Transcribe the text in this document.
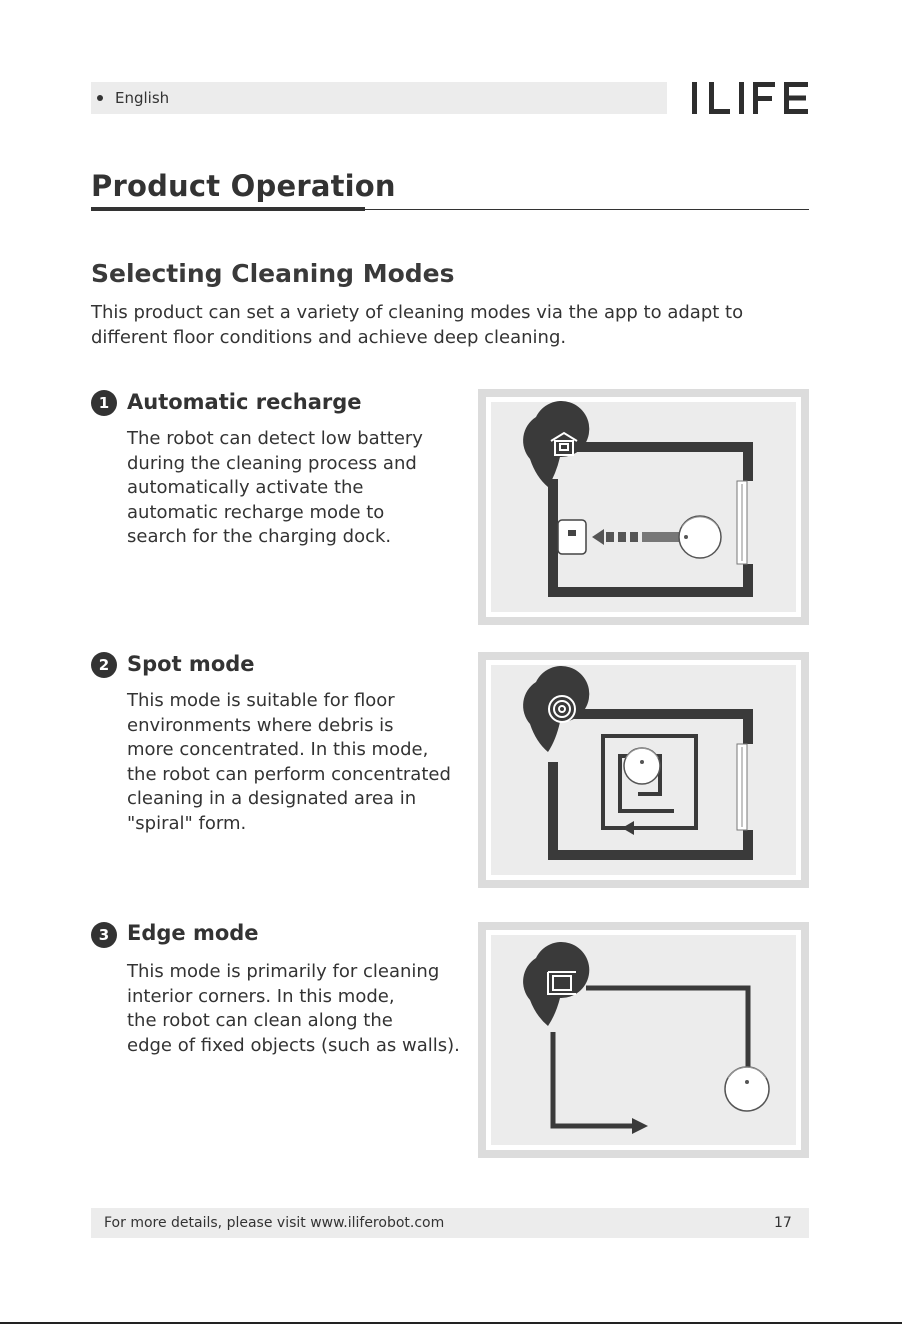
English
Product Operation
Selecting Cleaning Modes
This product can set a variety of cleaning modes via the app to adapt to
different floor conditions and achieve deep cleaning.
1 Automatic recharge
The robot can detect low battery
during the cleaning process and
automatically activate the
automatic recharge mode to
search for the charging dock.
2 Spot mode
This mode is suitable for floor
environments where debris is
more concentrated. In this mode,
the robot can perform concentrated
cleaning in a designated area in
"spiral" form.
3 Edge mode
This mode is primarily for cleaning
interior corners. In this mode,
the robot can clean along the
edge of fixed objects (such as walls).
For more details, please visit www.iliferobot.com	17
